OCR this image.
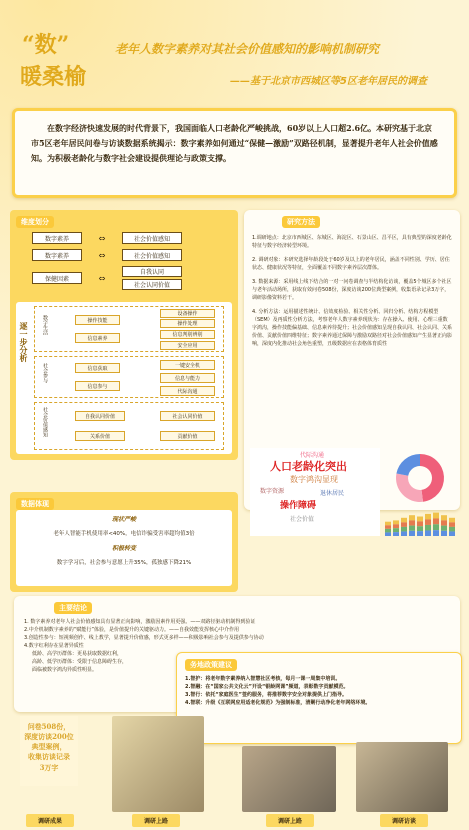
“数”
暖桑榆
老年人数字素养对其社会价值感知的影响机制研究
——基于北京市西城区等5区老年居民的调查
在数字经济快速发展的时代背景下，我国面临人口老龄化严峻挑战，60岁以上人口超2.6亿。本研究基于北京市5区老年居民问卷与访谈数据系统揭示：数字素养如何通过“保健—激励”双路径机制，显著提升老年人社会价值感知。为积极老龄化与数字社会建设提供理论与政策支撑。
维度划分
数字素养	⇔	社会价值感知
数字素养	⇔	社会价值感知
保健因素	⇔
自我认同
社会认同价值
逐一步分析	数字生活	操作技能
信息素养
设备操作
操作处理
信息判别辨别
安全应用
社会参与	信息获取
信息参与
一键安全机
信息与能力
代际沟通
社会价值感知	自我认同价值
关系价值
社会认同价值
贡献价值
研究方法
1.调研地点：北京市西城区、东城区、海淀区、石景山区、昌平区，具有典型的深度老龄化特征与数字经济转型环境。
2. 调研对象：本研究选择年龄段处于60岁及以上的老年居民，涵盖不同性别、学历、居住状态、健康状况等特征，全面覆盖不同数字素养层次群体。
3. 数据来源：采用线上线下结合的一对一问卷调查与半结构化访谈，覆盖5个城区多个社区与老年活动场所，获取有效问卷508份，深度访谈200位典型案例，收集语录记录3万字，调研影像资料若干。
4. 分析方法：运用描述性统计、信效度检验、相关性分析、回归分析、结构方程模型（SEM）及再质性分析方法，考察老年人数字素养现状为：存在操入、使用、心理三重数字鸿沟，操作技能偏基础、信息素养待提升；社会价值感知呈现自我认同、社会认同、关系价值、贡献价值四维特征；数字素养通过保障与激励双路径对社会价值感知产生显著正向影响，深度内化推动社会角色重塑，丑级数据应在表格体育质性
代际沟通
人口老龄化突出
数字鸿沟显现
数字资源	退休居民
操作障碍
社会价值
数据体现
现状严峻
老年人智能手机使用率<40%，电信诈骗受害率超均值3倍
积极转变
数字学习后，社会参与意愿上升35%，孤独感下降21%
主要结论
1. 数字素养对老年人社会价值感知具有显著正向影响，激励因素作用更强。——双路径驱动机制得到验证
2.中介机制数字素养的“赋能行”体验，是价值提升的关键驱动力。——自我效能发挥核心中介作用
3.创造性参与：短视频创作、线上教学，显著提升价值感，形式更多样——积极影响社会参与及提供参与协动
4.数字红利存在显著异质性
低龄、高学历群体：更易获取数据红利，
高龄、低学历群体：受限于信息障碍生存，
面临被数字鸿沟异质性明显。
务地政策建议
1.智护：将老年数字素养纳入智慧社区考核，每月一课一周集中培训。
2.智融：在“国家公共文化云”开设“银龄网课”频道，表彰数字贡献模范。
3.智行：依托“家庭医生”签约服务，将推荐数字安全对象提供上门指导。
4.智联：升级《互联网应用适老化规范》为强制标准，清剿行动净化老年网络环境。
问卷508份，
深度访谈200位
典型案例，
收集访谈记录
3万字
调研成果	调研上路	调研上路	调研访谈
